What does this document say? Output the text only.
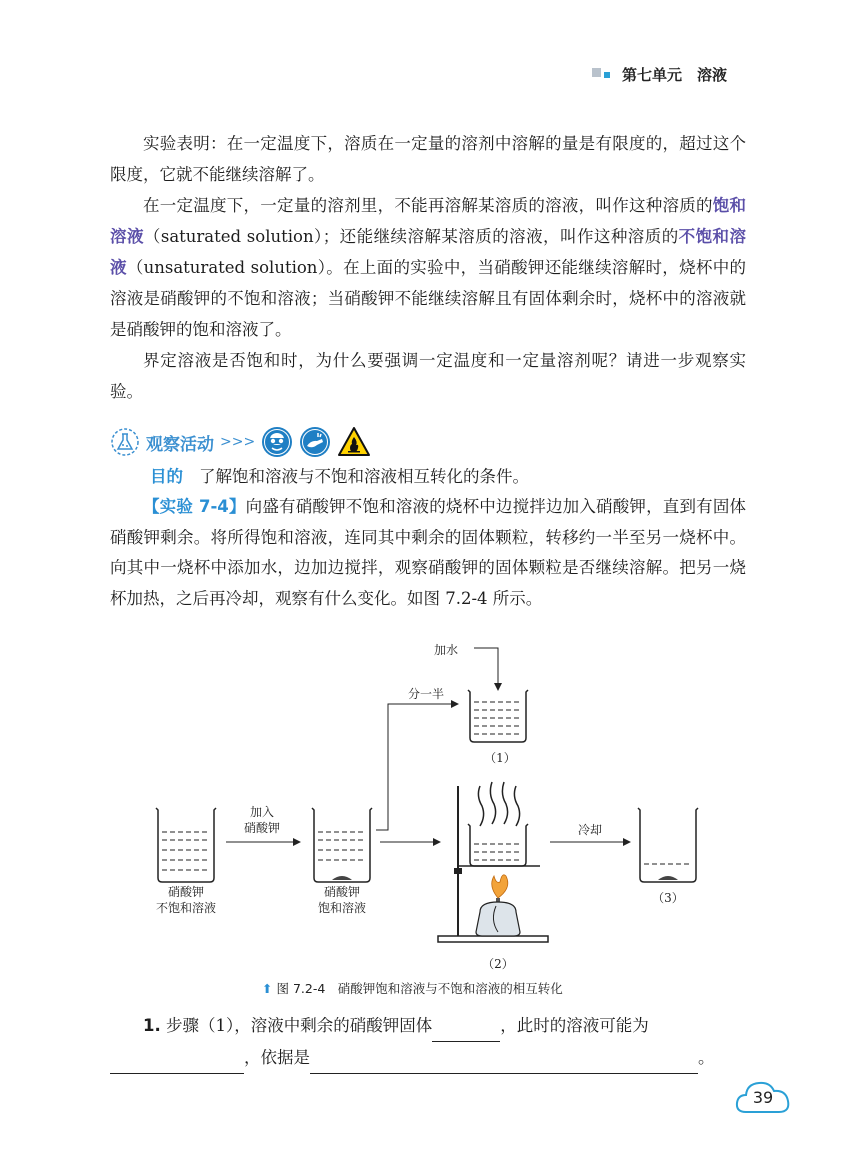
第七单元　溶液
实验表明：在一定温度下，溶质在一定量的溶剂中溶解的量是有限度的，超过这个限度，它就不能继续溶解了。
在一定温度下，一定量的溶剂里，不能再溶解某溶质的溶液，叫作这种溶质的饱和溶液（saturated solution）；还能继续溶解某溶质的溶液，叫作这种溶质的不饱和溶液（unsaturated solution）。在上面的实验中，当硝酸钾还能继续溶解时，烧杯中的溶液是硝酸钾的不饱和溶液；当硝酸钾不能继续溶解且有固体剩余时，烧杯中的溶液就是硝酸钾的饱和溶液了。
界定溶液是否饱和时，为什么要强调一定温度和一定量溶剂呢？请进一步观察实验。
观察活动 >>>
目的 了解饱和溶液与不饱和溶液相互转化的条件。
【实验 7-4】向盛有硝酸钾不饱和溶液的烧杯中边搅拌边加入硝酸钾，直到有固体硝酸钾剩余。将所得饱和溶液，连同其中剩余的固体颗粒，转移约一半至另一烧杯中。向其中一烧杯中添加水，边加边搅拌，观察硝酸钾的固体颗粒是否继续溶解。把另一烧杯加热，之后再冷却，观察有什么变化。如图 7.2-4 所示。
硝酸钾
不饱和溶液
加入
硝酸钾
硝酸钾
饱和溶液
分一半
加水
（1）
（2）
冷却
（3）
⬆ 图 7.2-4　硝酸钾饱和溶液与不饱和溶液的相互转化
1. 步骤（1），溶液中剩余的硝酸钾固体	，此时的溶液可能为，依据是	。
39
